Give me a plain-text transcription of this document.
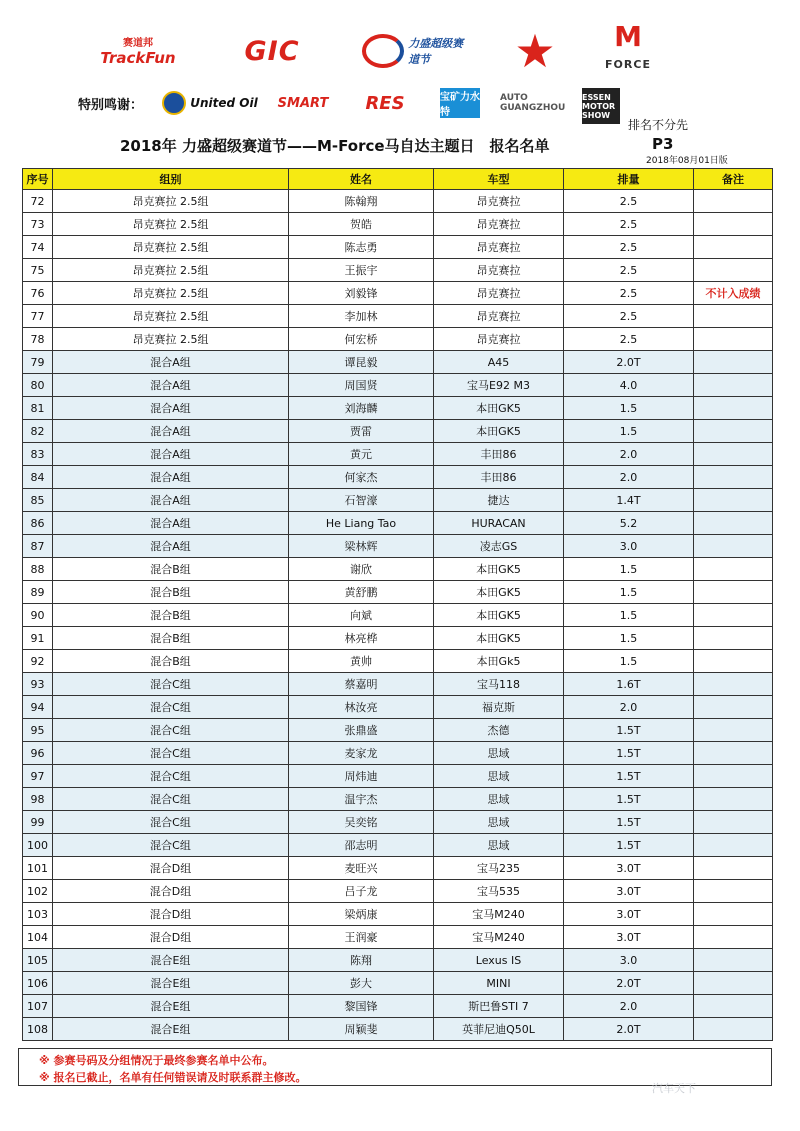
赛道邦
TrackFun	GIC	力盛超级赛道节	★ M
FORCE
特别鸣谢：	United Oil SMART RES	宝矿力水特
AUTO GUANGZHOU
ESSEN MOTOR SHOW
排名不分先
2018年 力盛超级赛道节——M-Force马自达主题日　报名名单	P3
2018年08月01日版
序号	组别	姓名	车型	排量	备注
72	昂克赛拉 2.5组	陈翰翔	昂克赛拉	2.5	
73	昂克赛拉 2.5组	贺皓	昂克赛拉	2.5	
74	昂克赛拉 2.5组	陈志勇	昂克赛拉	2.5	
75	昂克赛拉 2.5组	王振宇	昂克赛拉	2.5	
76	昂克赛拉 2.5组	刘毅锋	昂克赛拉	2.5	不计入成绩
77	昂克赛拉 2.5组	李加林	昂克赛拉	2.5	
78	昂克赛拉 2.5组	何宏桥	昂克赛拉	2.5	
79	混合A组	谭昆毅	A45	2.0T	
80	混合A组	周国贤	宝马E92 M3	4.0	
81	混合A组	刘海麟	本田GK5	1.5	
82	混合A组	贾雷	本田GK5	1.5	
83	混合A组	黄元	丰田86	2.0	
84	混合A组	何家杰	丰田86	2.0	
85	混合A组	石智濠	捷达	1.4T	
86	混合A组	He Liang Tao	HURACAN	5.2	
87	混合A组	梁林辉	凌志GS	3.0	
88	混合B组	谢欣	本田GK5	1.5	
89	混合B组	黄舒鹏	本田GK5	1.5	
90	混合B组	向斌	本田GK5	1.5	
91	混合B组	林亮桦	本田GK5	1.5	
92	混合B组	黄帅	本田Gk5	1.5	
93	混合C组	蔡嘉明	宝马118	1.6T	
94	混合C组	林汝亮	福克斯	2.0	
95	混合C组	张鼎盛	杰德	1.5T	
96	混合C组	麦家龙	思域	1.5T	
97	混合C组	周炜迪	思域	1.5T	
98	混合C组	温宇杰	思域	1.5T	
99	混合C组	吴奕铭	思域	1.5T	
100	混合C组	邵志明	思域	1.5T	
101	混合D组	麦旺兴	宝马235	3.0T	
102	混合D组	吕子龙	宝马535	3.0T	
103	混合D组	梁炳康	宝马M240	3.0T	
104	混合D组	王润豪	宝马M240	3.0T	
105	混合E组	陈翔	Lexus IS	3.0	
106	混合E组	彭大	MINI	2.0T	
107	混合E组	黎国锋	斯巴鲁STI 7	2.0	
108	混合E组	周颖斐	英菲尼迪Q50L	2.0T	
※ 参赛号码及分组情况于最终参赛名单中公布。
※ 报名已截止，名单有任何错误请及时联系群主修改。
汽车天下
